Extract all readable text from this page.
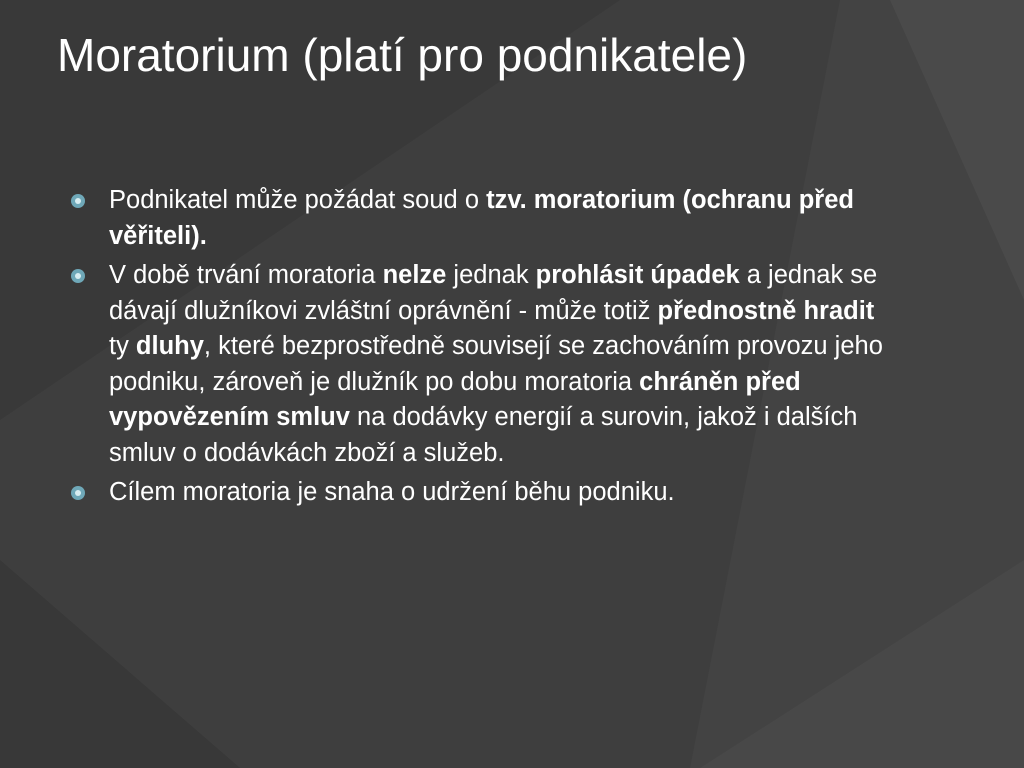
Moratorium (platí pro podnikatele)
Podnikatel může požádat soud o tzv. moratorium (ochranu před věřiteli).
V době trvání moratoria nelze jednak prohlásit úpadek a jednak se dávají dlužníkovi zvláštní oprávnění - může totiž přednostně hradit ty dluhy, které bezprostředně souvisejí se zachováním provozu jeho podniku, zároveň je dlužník po dobu moratoria chráněn před vypovězením smluv na dodávky energií a surovin, jakož i dalších smluv o dodávkách zboží a služeb.
Cílem moratoria je snaha o udržení běhu podniku.
